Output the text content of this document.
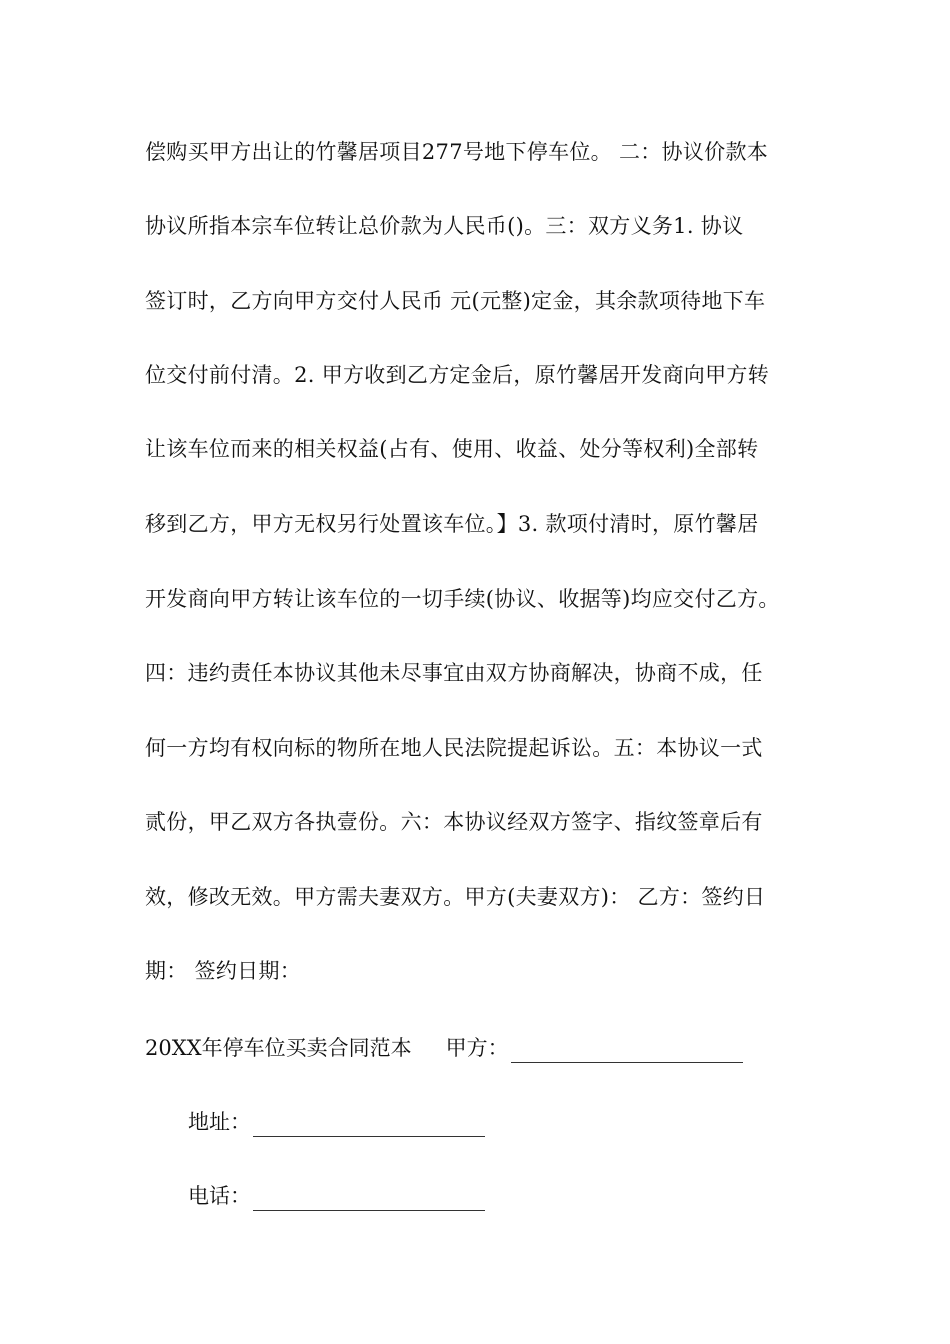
偿购买甲方出让的竹馨居项目277号地下停车位。 二：协议价款本
协议所指本宗车位转让总价款为人民币()。三：双方义务1. 协议
签订时，乙方向甲方交付人民币 元(元整)定金，其余款项待地下车
位交付前付清。2. 甲方收到乙方定金后，原竹馨居开发商向甲方转
让该车位而来的相关权益(占有、使用、收益、处分等权利)全部转
移到乙方，甲方无权另行处置该车位。】3. 款项付清时，原竹馨居
开发商向甲方转让该车位的一切手续(协议、收据等)均应交付乙方。
四：违约责任本协议其他未尽事宜由双方协商解决，协商不成，任
何一方均有权向标的物所在地人民法院提起诉讼。五：本协议一式
贰份，甲乙双方各执壹份。六：本协议经双方签字、指纹签章后有
效，修改无效。甲方需夫妻双方。甲方(夫妻双方)： 乙方：签约日
期： 签约日期：
20XX年停车位买卖合同范本 甲方：
地址：
电话：
